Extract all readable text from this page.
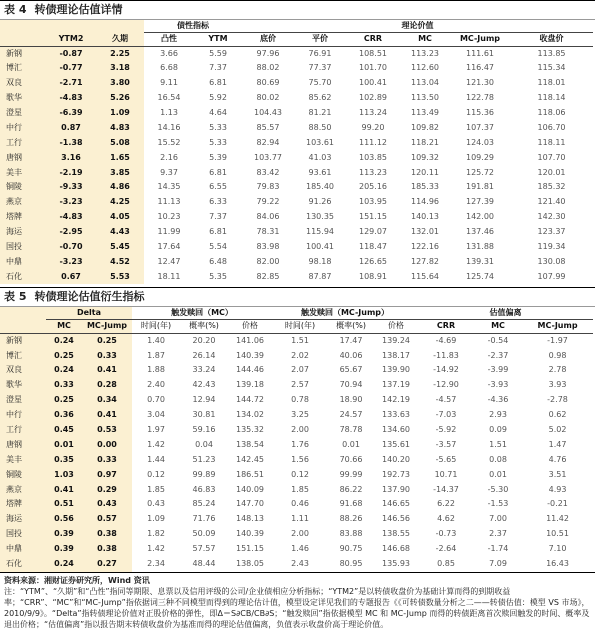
表 4 转债理论估值详情
			债性指标		理论价值					
	YTM2	久期	凸性	YTM	底价	平价	CRR	MC	MC-Jump	收盘价
新钢	-0.87	2.25	3.66	5.59	97.96	76.91	108.51	113.23	111.61	113.85
博汇	-0.77	3.18	6.68	7.37	88.02	77.37	101.70	112.60	116.47	115.34
双良	-2.71	3.80	9.11	6.81	80.69	75.70	100.41	113.04	121.30	118.01
歌华	-4.83	5.26	16.54	5.92	80.02	85.62	102.89	113.50	122.78	118.14
澄星	-6.39	1.09	1.13	4.64	104.43	81.21	113.24	113.49	115.36	118.06
中行	0.87	4.83	14.16	5.33	85.57	88.50	99.20	109.82	107.37	106.70
工行	-1.38	5.08	15.52	5.33	82.94	103.61	111.12	118.21	124.03	118.11
唐钢	3.16	1.65	2.16	5.39	103.77	41.03	103.85	109.32	109.29	107.70
美丰	-2.19	3.85	9.37	6.81	83.42	93.61	113.23	120.11	125.72	120.01
铜陵	-9.33	4.86	14.35	6.55	79.83	185.40	205.16	185.33	191.81	185.32
燕京	-3.23	4.25	11.13	6.33	79.22	91.26	103.95	114.96	127.39	121.40
塔牌	-4.83	4.05	10.23	7.37	84.06	130.35	151.15	140.13	142.00	142.30
海运	-2.95	4.43	11.99	6.81	78.31	115.94	129.07	132.01	137.46	123.37
国投	-0.70	5.45	17.64	5.54	83.98	100.41	118.47	122.16	131.88	119.34
中鼎	-3.23	4.52	12.47	6.48	82.00	98.18	126.65	127.82	139.31	130.08
石化	0.67	5.53	18.11	5.35	82.85	87.87	108.91	115.64	125.74	107.99
表 5 转债理论估值衍生指标
	Delta		触发赎回（MC）			触发赎回（MC-Jump）			估值偏离		
	MC	MC-Jump	时间(年)	概率(%)	价格	时间(年)	概率(%)	价格	CRR	MC	MC-Jump
新钢	0.24	0.25	1.40	20.20	141.06	1.51	17.47	139.24	-4.69	-0.54	-1.97
博汇	0.25	0.33	1.87	26.14	140.39	2.02	40.06	138.17	-11.83	-2.37	0.98
双良	0.24	0.41	1.88	33.24	144.46	2.07	65.67	139.90	-14.92	-3.99	2.78
歌华	0.33	0.28	2.40	42.43	139.18	2.57	70.94	137.19	-12.90	-3.93	3.93
澄星	0.25	0.34	0.70	12.94	144.72	0.78	18.90	142.19	-4.57	-4.36	-2.78
中行	0.36	0.41	3.04	30.81	134.02	3.25	24.57	133.63	-7.03	2.93	0.62
工行	0.45	0.53	1.97	59.16	135.32	2.00	78.78	134.60	-5.92	0.09	5.02
唐钢	0.01	0.00	1.42	0.04	138.54	1.76	0.01	135.61	-3.57	1.51	1.47
美丰	0.35	0.33	1.44	51.23	142.45	1.56	70.66	140.20	-5.65	0.08	4.76
铜陵	1.03	0.97	0.12	99.89	186.51	0.12	99.99	192.73	10.71	0.01	3.51
燕京	0.41	0.29	1.85	46.83	140.09	1.85	86.22	137.90	-14.37	-5.30	4.93
塔牌	0.51	0.43	0.43	85.24	147.70	0.46	91.68	146.65	6.22	-1.53	-0.21
海运	0.56	0.57	1.09	71.76	148.13	1.11	88.26	146.56	4.62	7.00	11.42
国投	0.39	0.38	1.82	50.09	140.39	2.00	83.88	138.55	-0.73	2.37	10.51
中鼎	0.39	0.38	1.42	57.57	151.15	1.46	90.75	146.68	-2.64	-1.74	7.10
石化	0.24	0.27	2.34	48.44	138.05	2.43	80.95	135.93	0.85	7.09	16.43
资料来源：湘财证券研究所，Wind 资讯
注：“YTM”、“久期”和“凸性”指同等期限、息票以及信用评级的公司/企业债相应分析指标；“YTM2”是以转债收盘价为基础计算而得的到期收益率；“CRR”、“MC”和“MC-Jump”指依据词三种不同模型而得到的理论估计值，模型设定详见我们的专题报告《《可转债数量分析之二——转债估值：模型 VS 市场》，2010/9/9》。“Delta”指转债理论价值对正股价格的弹性，即Δ＝S∂CB/CB∂S；“触发赎回”指依据模型 MC 和 MC-Jump 而得的转债距离首次赎回触发的时间、概率及退出价格；“估值偏离”指以报告期末转债收盘价为基准而得的理论估值偏离，负值表示收盘价高于理论价值。
